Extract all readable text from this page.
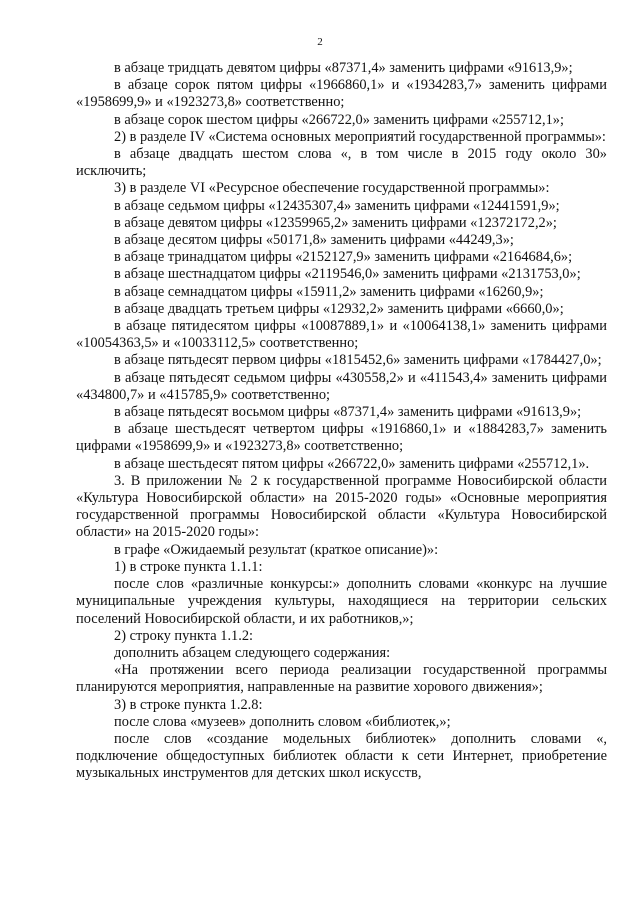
2

в абзаце тридцать девятом цифры «87371,4» заменить цифрами «91613,9»;

в абзаце сорок пятом цифры «1966860,1» и «1934283,7» заменить цифрами «1958699,9» и «1923273,8» соответственно;

в абзаце сорок шестом цифры «266722,0» заменить цифрами «255712,1»;

2) в разделе IV «Система основных мероприятий государственной программы»:

в абзаце двадцать шестом слова «, в том числе в 2015 году около 30» исключить;

3) в разделе VI «Ресурсное обеспечение государственной программы»:

в абзаце седьмом цифры «12435307,4» заменить цифрами «12441591,9»;

в абзаце девятом цифры «12359965,2» заменить цифрами «12372172,2»;

в абзаце десятом цифры «50171,8» заменить цифрами «44249,3»;

в абзаце тринадцатом цифры «2152127,9» заменить цифрами «2164684,6»;

в абзаце шестнадцатом цифры «2119546,0» заменить цифрами «2131753,0»;

в абзаце семнадцатом цифры «15911,2» заменить цифрами «16260,9»;

в абзаце двадцать третьем цифры «12932,2» заменить цифрами «6660,0»;

в абзаце пятидесятом цифры «10087889,1» и «10064138,1» заменить цифрами «10054363,5» и «10033112,5» соответственно;

в абзаце пятьдесят первом цифры «1815452,6» заменить цифрами «1784427,0»;

в абзаце пятьдесят седьмом цифры «430558,2» и «411543,4» заменить цифрами «434800,7» и «415785,9» соответственно;

в абзаце пятьдесят восьмом цифры «87371,4» заменить цифрами «91613,9»;

в абзаце шестьдесят четвертом цифры «1916860,1» и «1884283,7» заменить цифрами «1958699,9» и «1923273,8» соответственно;

в абзаце шестьдесят пятом цифры «266722,0» заменить цифрами «255712,1».

3. В приложении № 2 к государственной программе Новосибирской области «Культура Новосибирской области» на 2015-2020 годы» «Основные мероприятия государственной программы Новосибирской области «Культура Новосибирской области» на 2015-2020 годы»:

в графе «Ожидаемый результат (краткое описание)»:

1) в строке пункта 1.1.1:

после слов «различные конкурсы:» дополнить словами «конкурс на лучшие муниципальные учреждения культуры, находящиеся на территории сельских поселений Новосибирской области, и их работников,»;

2) строку пункта 1.1.2:

дополнить абзацем следующего содержания:

«На протяжении всего периода реализации государственной программы планируются мероприятия, направленные на развитие хорового движения»;

3) в строке пункта 1.2.8:

после слова «музеев» дополнить словом «библиотек,»;

после слов «создание модельных библиотек» дополнить словами «, подключение общедоступных библиотек области к сети Интернет, приобретение музыкальных инструментов для детских школ искусств,
